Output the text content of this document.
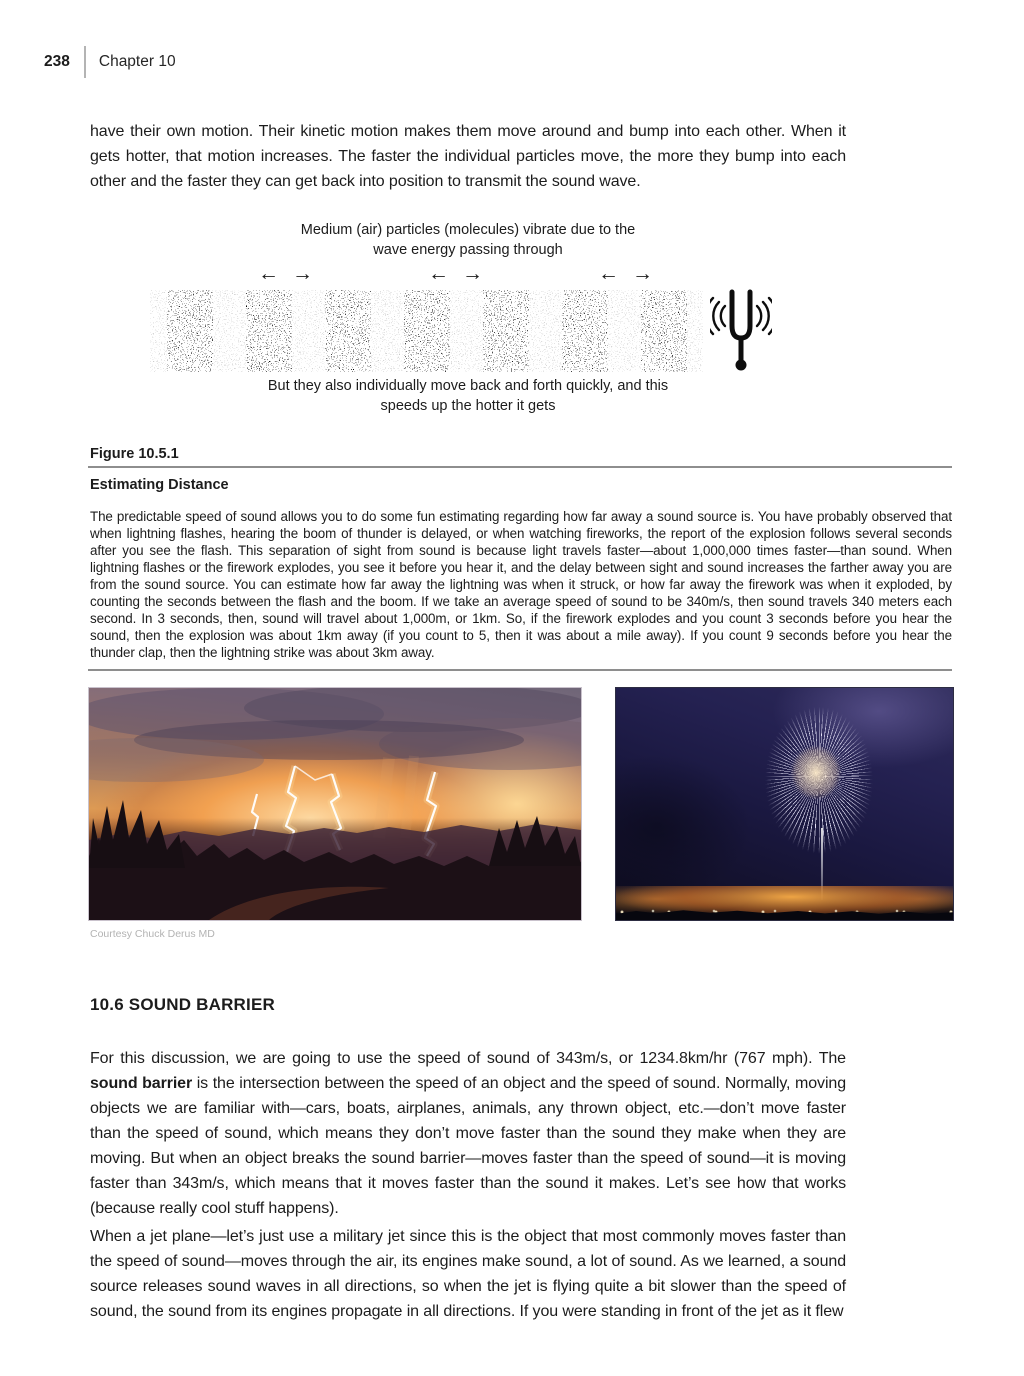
238 Chapter 10

have their own motion. Their kinetic motion makes them move around and bump into each other. When it gets hotter, that motion increases. The faster the individual particles move, the more they bump into each other and the faster they can get back into position to transmit the sound wave.

Medium (air) particles (molecules) vibrate due to the
wave energy passing through
← →	← →	← →
But they also individually move back and forth quickly, and this
speeds up the hotter it gets
Figure 10.5.1
Estimating Distance

The predictable speed of sound allows you to do some fun estimating regarding how far away a sound source is. You have probably observed that when lightning flashes, hearing the boom of thunder is delayed, or when watching fireworks, the report of the explosion follows several seconds after you see the flash. This separation of sight from sound is because light travels faster—about 1,000,000 times faster—than sound. When lightning flashes or the firework explodes, you see it before you hear it, and the delay between sight and sound increases the farther away you are from the sound source. You can estimate how far away the lightning was when it struck, or how far away the firework was when it exploded, by counting the seconds between the flash and the boom. If we take an average speed of sound to be 340m/s, then sound travels 340 meters each second. In 3 seconds, then, sound will travel about 1,000m, or 1km. So, if the firework explodes and you count 3 seconds before you hear the sound, then the explosion was about 1km away (if you count to 5, then it was about a mile away). If you count 9 seconds before you hear the thunder clap, then the lightning strike was about 3km away.

Courtesy Chuck Derus MD
10.6 SOUND BARRIER

For this discussion, we are going to use the speed of sound of 343m/s, or 1234.8km/hr (767 mph). The sound barrier is the intersection between the speed of an object and the speed of sound. Normally, moving objects we are familiar with—cars, boats, airplanes, animals, any thrown object, etc.—don’t move faster than the speed of sound, which means they don’t move faster than the sound they make when they are moving. But when an object breaks the sound barrier—moves faster than the speed of sound—it is moving faster than 343m/s, which means that it moves faster than the sound it makes. Let’s see how that works (because really cool stuff happens).

When a jet plane—let’s just use a military jet since this is the object that most commonly moves faster than the speed of sound—moves through the air, its engines make sound, a lot of sound. As we learned, a sound source releases sound waves in all directions, so when the jet is flying quite a bit slower than the speed of sound, the sound from its engines propagate in all directions. If you were standing in front of the jet as it flew
